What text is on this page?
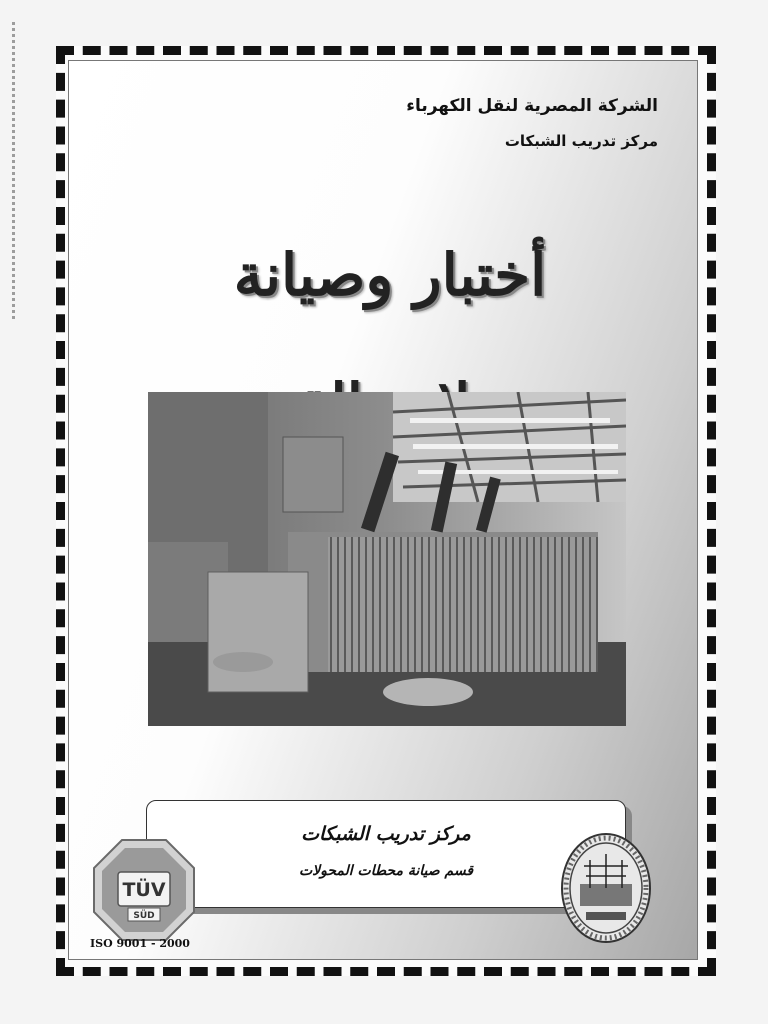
الشركة المصرية لنقل الكهرباء
مركز تدريب الشبكات
أختبار وصيانة
مركز تدريب الشبكات
قسم صيانة محطات المحولات
TÜV
SÜD
ISO 9001 - 2000
